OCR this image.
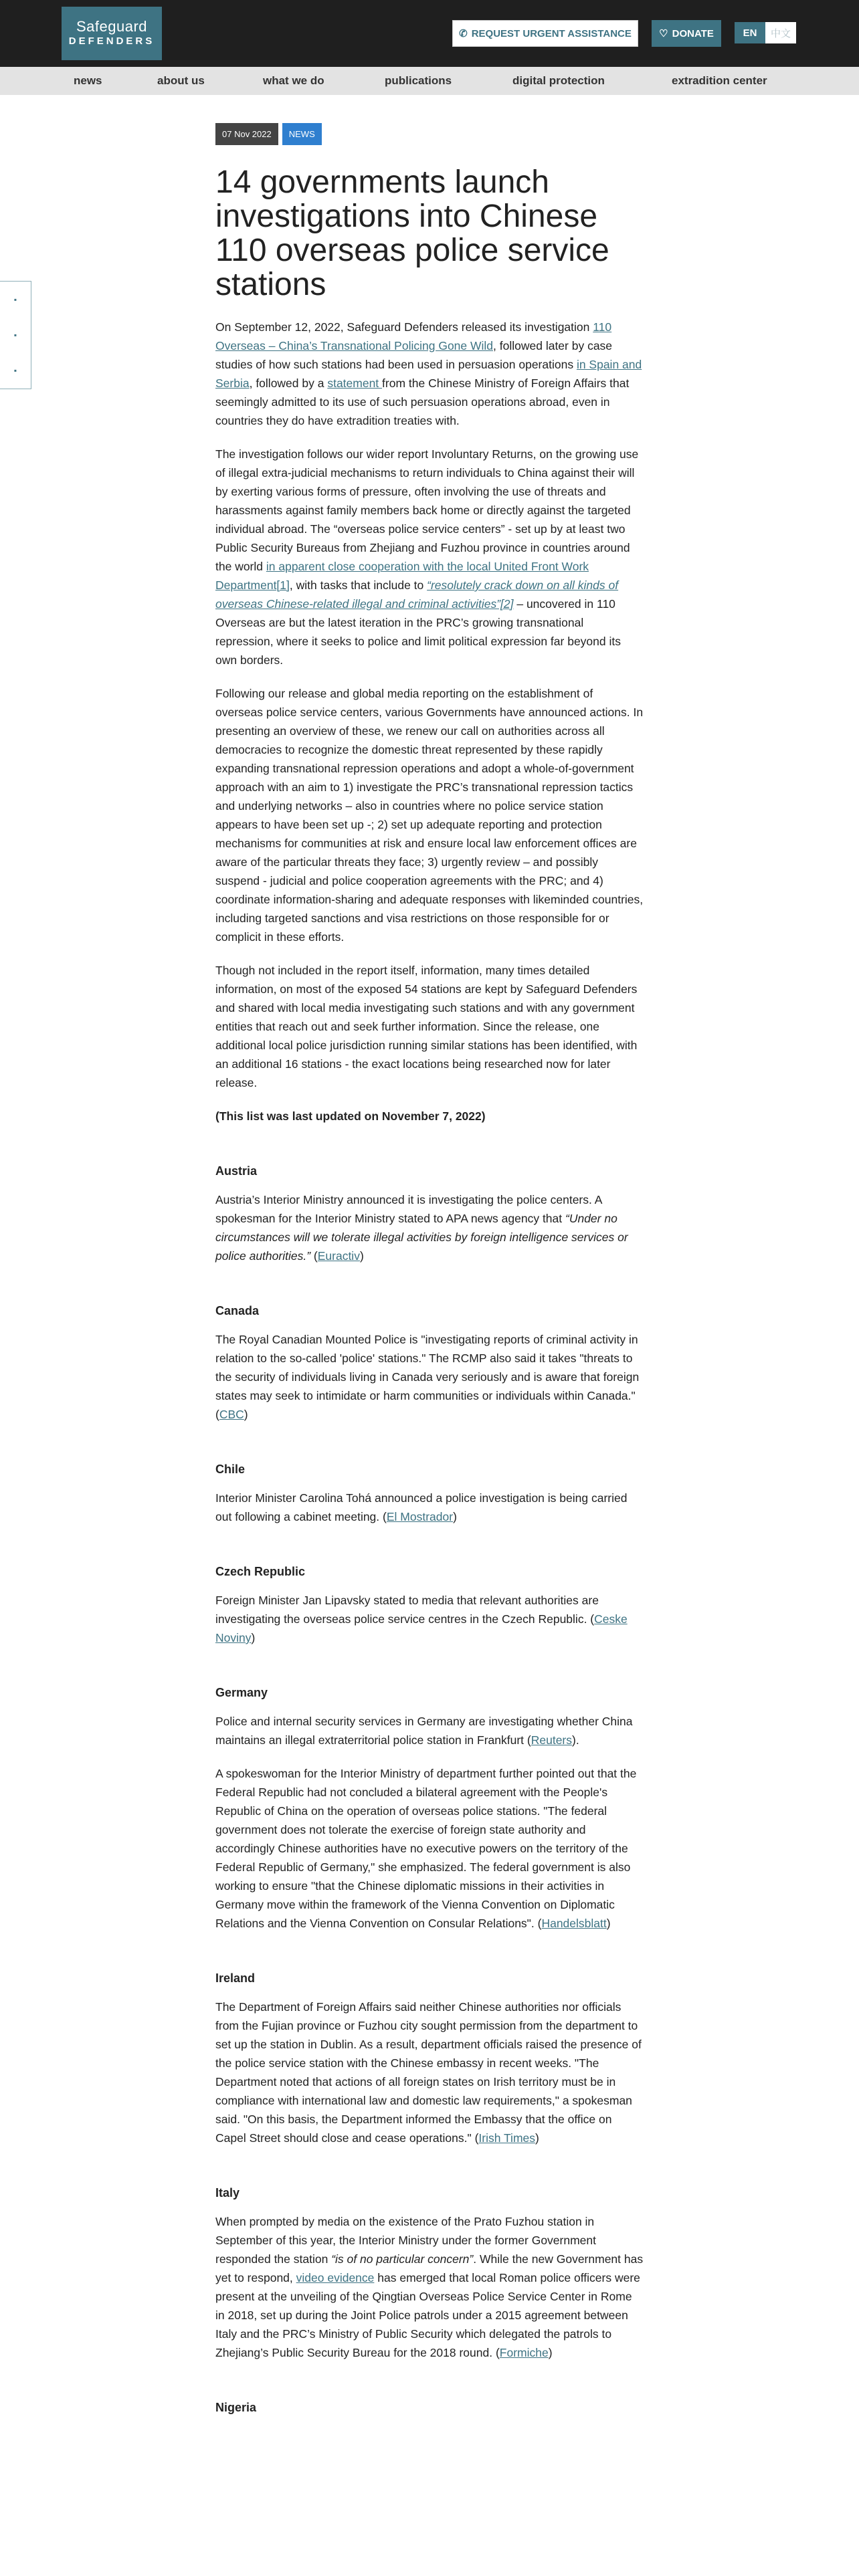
Safeguard
DEFENDERS
✆ REQUEST URGENT ASSISTANCE	♡ DONATE	EN	中文
news	about us	what we do	publications	digital protection	extradition center
▪
▪
▪
07 Nov 2022	NEWS
14 governments launch investigations into Chinese 110 overseas police service stations

On September 12, 2022, Safeguard Defenders released its investigation 110 Overseas – China’s Transnational Policing Gone Wild, followed later by case studies of how such stations had been used in persuasion operations in Spain and Serbia, followed by a statement from the Chinese Ministry of Foreign Affairs that seemingly admitted to its use of such persuasion operations abroad, even in countries they do have extradition treaties with.

The investigation follows our wider report Involuntary Returns, on the growing use of illegal extra-judicial mechanisms to return individuals to China against their will by exerting various forms of pressure, often involving the use of threats and harassments against family members back home or directly against the targeted individual abroad. The “overseas police service centers” - set up by at least two Public Security Bureaus from Zhejiang and Fuzhou province in countries around the world in apparent close cooperation with the local United Front Work Department[1], with tasks that include to “resolutely crack down on all kinds of overseas Chinese-related illegal and criminal activities”[2] – uncovered in 110 Overseas are but the latest iteration in the PRC’s growing transnational repression, where it seeks to police and limit political expression far beyond its own borders.

Following our release and global media reporting on the establishment of overseas police service centers, various Governments have announced actions. In presenting an overview of these, we renew our call on authorities across all democracies to recognize the domestic threat represented by these rapidly expanding transnational repression operations and adopt a whole-of-government approach with an aim to 1) investigate the PRC’s transnational repression tactics and underlying networks – also in countries where no police service station appears to have been set up -; 2) set up adequate reporting and protection mechanisms for communities at risk and ensure local law enforcement offices are aware of the particular threats they face; 3) urgently review – and possibly suspend - judicial and police cooperation agreements with the PRC; and 4) coordinate information-sharing and adequate responses with likeminded countries, including targeted sanctions and visa restrictions on those responsible for or complicit in these efforts.

Though not included in the report itself, information, many times detailed information, on most of the exposed 54 stations are kept by Safeguard Defenders and shared with local media investigating such stations and with any government entities that reach out and seek further information. Since the release, one additional local police jurisdiction running similar stations has been identified, with an additional 16 stations - the exact locations being researched now for later release.

(This list was last updated on November 7, 2022)

Austria

Austria’s Interior Ministry announced it is investigating the police centers. A spokesman for the Interior Ministry stated to APA news agency that “Under no circumstances will we tolerate illegal activities by foreign intelligence services or police authorities.” (Euractiv)

Canada

The Royal Canadian Mounted Police is "investigating reports of criminal activity in relation to the so-called 'police' stations." The RCMP also said it takes "threats to the security of individuals living in Canada very seriously and is aware that foreign states may seek to intimidate or harm communities or individuals within Canada." (CBC)

Chile

Interior Minister Carolina Tohá announced a police investigation is being carried out following a cabinet meeting. (El Mostrador)

Czech Republic

Foreign Minister Jan Lipavsky stated to media that relevant authorities are investigating the overseas police service centres in the Czech Republic. (Ceske Noviny)

Germany

Police and internal security services in Germany are investigating whether China maintains an illegal extraterritorial police station in Frankfurt (Reuters).

A spokeswoman for the Interior Ministry of department further pointed out that the Federal Republic had not concluded a bilateral agreement with the People's Republic of China on the operation of overseas police stations. "The federal government does not tolerate the exercise of foreign state authority and accordingly Chinese authorities have no executive powers on the territory of the Federal Republic of Germany," she emphasized. The federal government is also working to ensure "that the Chinese diplomatic missions in their activities in Germany move within the framework of the Vienna Convention on Diplomatic Relations and the Vienna Convention on Consular Relations". (Handelsblatt)

Ireland

The Department of Foreign Affairs said neither Chinese authorities nor officials from the Fujian province or Fuzhou city sought permission from the department to set up the station in Dublin. As a result, department officials raised the presence of the police service station with the Chinese embassy in recent weeks. "The Department noted that actions of all foreign states on Irish territory must be in compliance with international law and domestic law requirements," a spokesman said. "On this basis, the Department informed the Embassy that the office on Capel Street should close and cease operations." (Irish Times)

Italy

When prompted by media on the existence of the Prato Fuzhou station in September of this year, the Interior Ministry under the former Government responded the station “is of no particular concern”. While the new Government has yet to respond, video evidence has emerged that local Roman police officers were present at the unveiling of the Qingtian Overseas Police Service Center in Rome in 2018, set up during the Joint Police patrols under a 2015 agreement between Italy and the PRC’s Ministry of Public Security which delegated the patrols to Zhejiang’s Public Security Bureau for the 2018 round. (Formiche)

Nigeria
